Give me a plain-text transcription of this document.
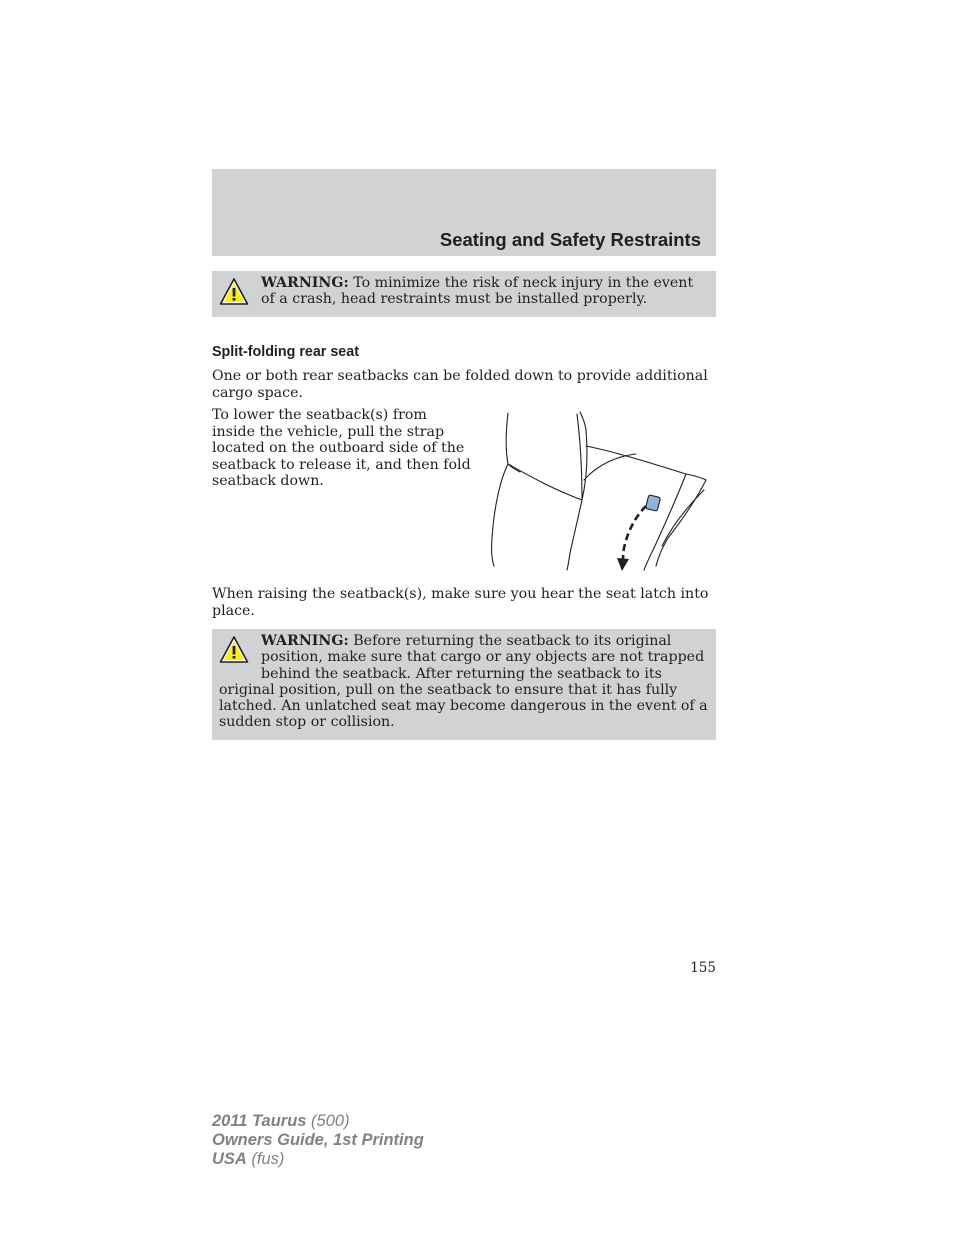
Seating and Safety Restraints
WARNING: To minimize the risk of neck injury in the event of a crash, head restraints must be installed properly.
Split-folding rear seat
One or both rear seatbacks can be folded down to provide additional cargo space.
To lower the seatback(s) from inside the vehicle, pull the strap located on the outboard side of the seatback to release it, and then fold seatback down.
When raising the seatback(s), make sure you hear the seat latch into place.
WARNING: Before returning the seatback to its original position, make sure that cargo or any objects are not trapped behind the seatback. After returning the seatback to its original position, pull on the seatback to ensure that it has fully latched. An unlatched seat may become dangerous in the event of a sudden stop or collision.
155
2011 Taurus (500)
Owners Guide, 1st Printing
USA (fus)
